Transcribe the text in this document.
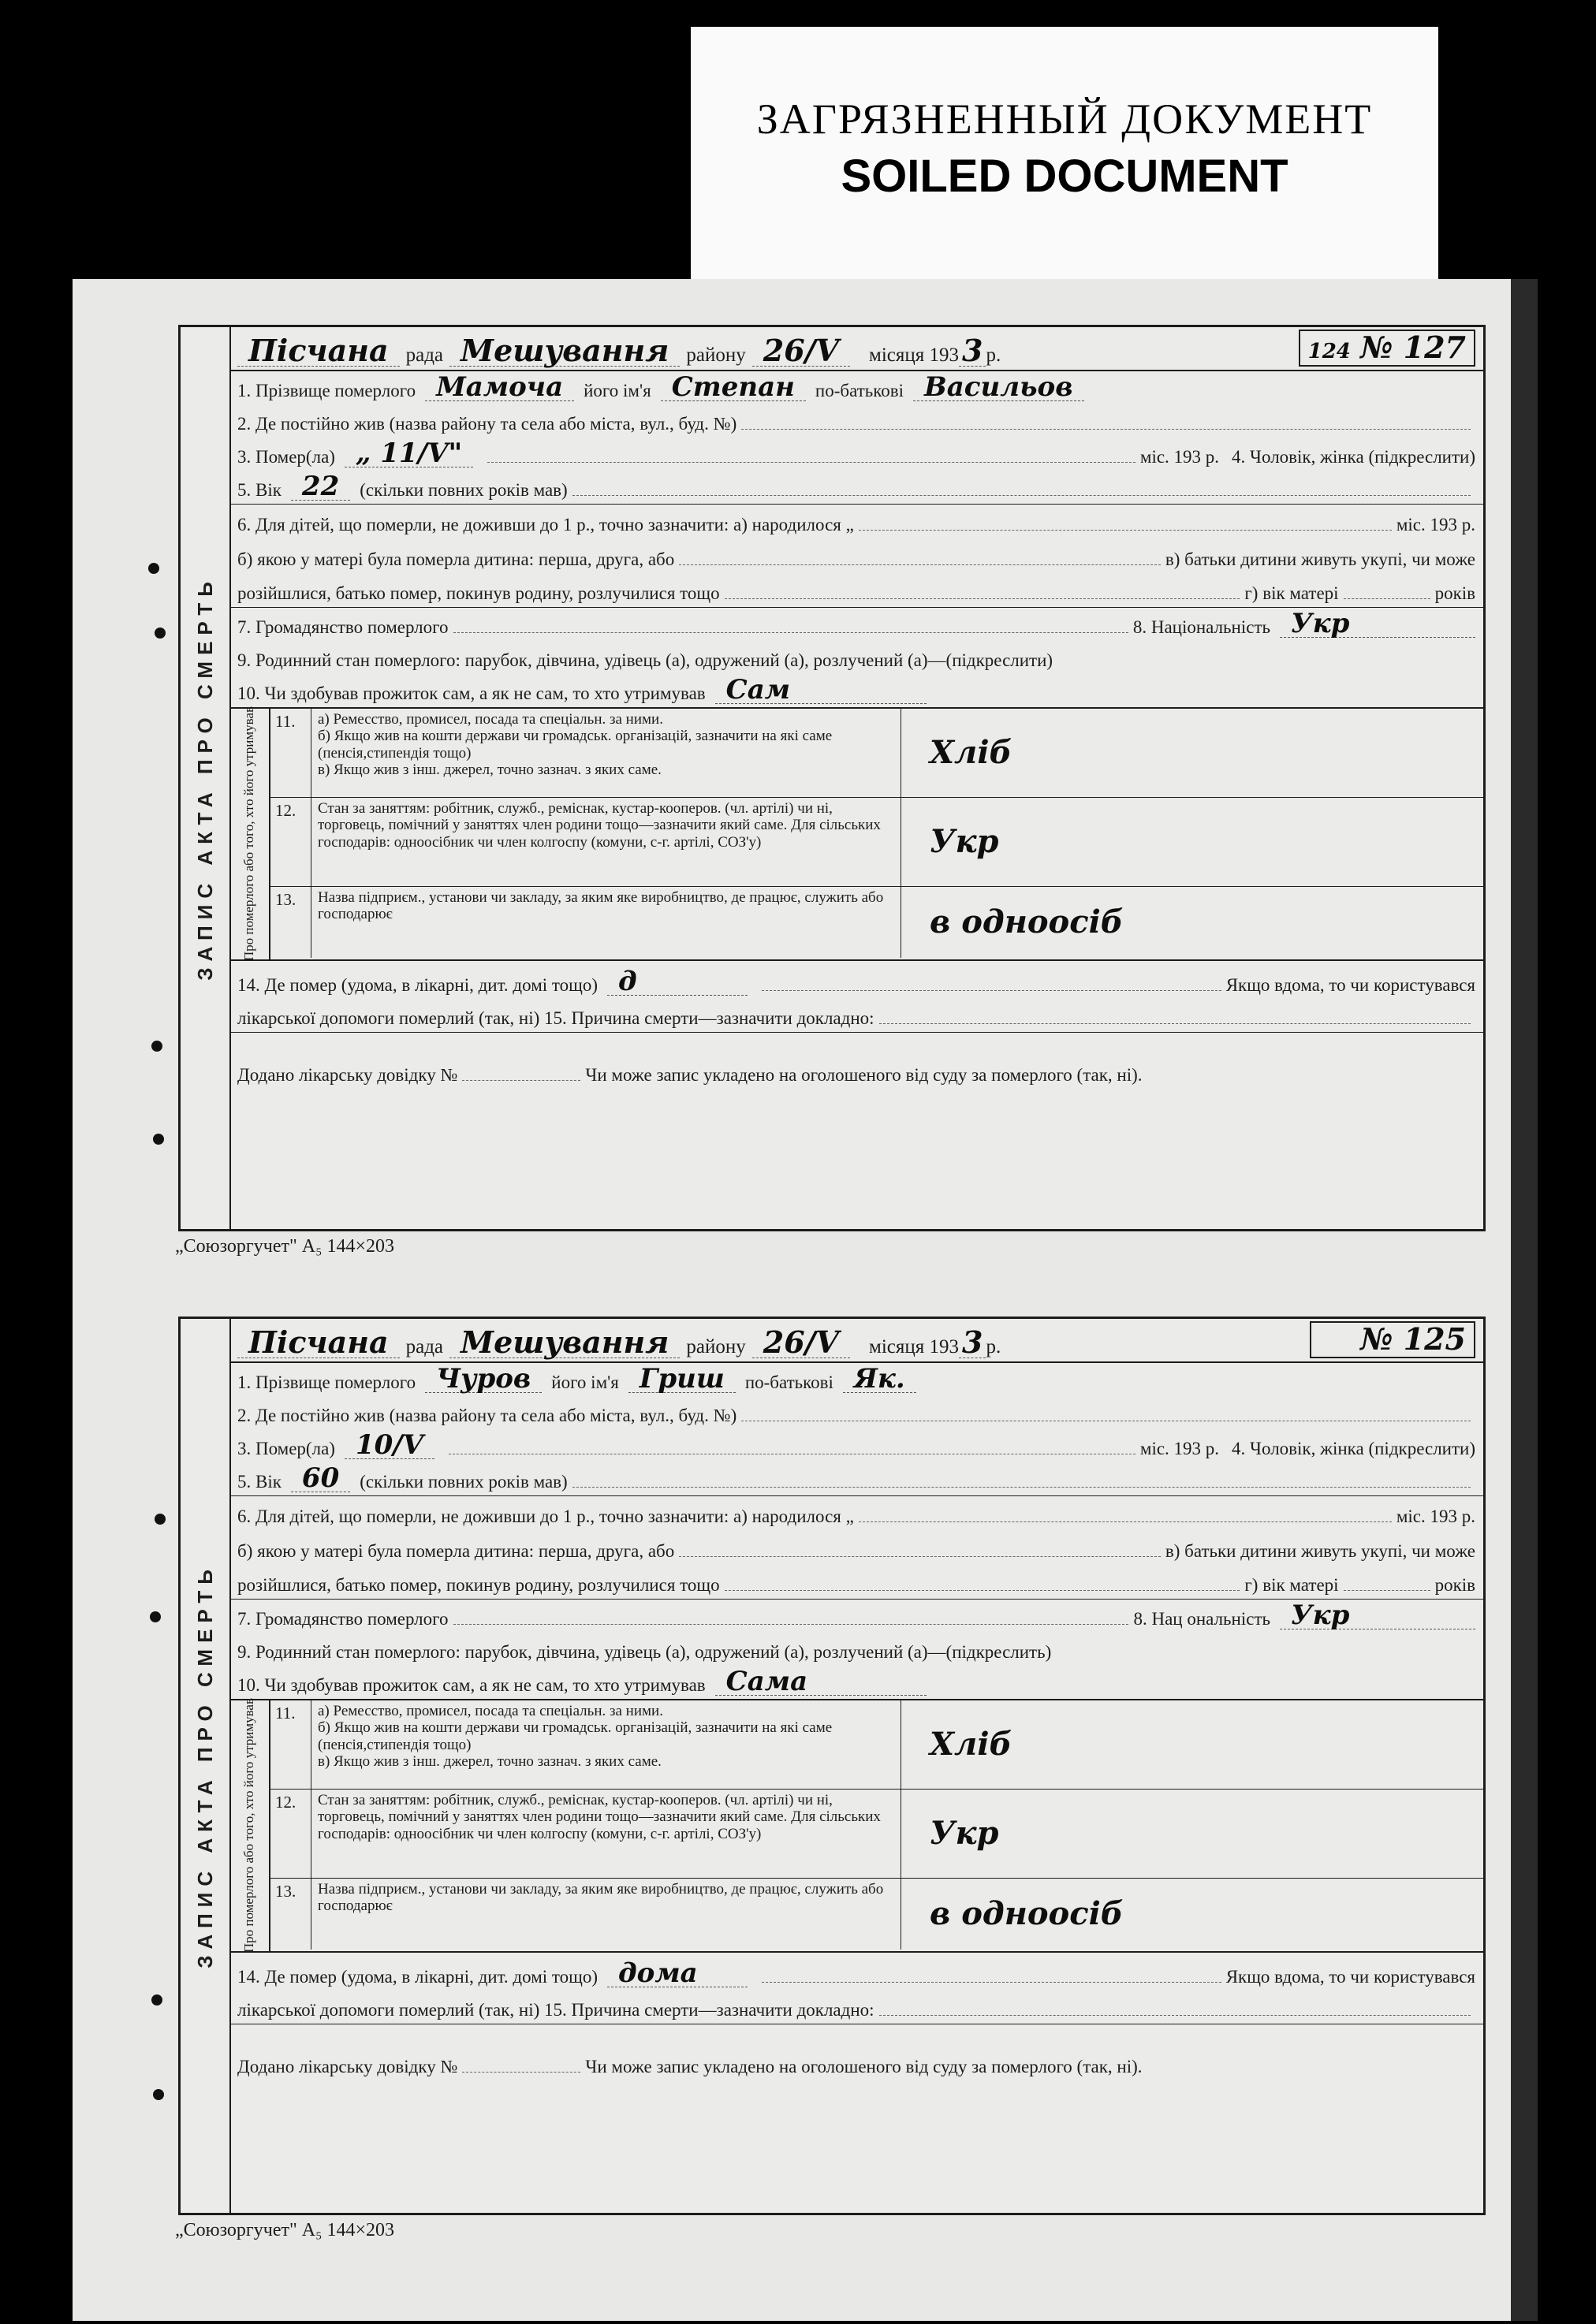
ЗАГРЯЗНЕННЫЙ ДОКУМЕНТ
SOILED DOCUMENT
ЗАПИС АКТА ПРО СМЕРТЬ
Пісчана рада Мешування району 26/V	місяця 193 3 р.	124 № 127
1. Прізвище померлого Мамоча	його ім'я Степан	по-батькові Васильов
2. Де постійно жив (назва району та села або міста, вул., буд. №)
3. Помер(ла) „ 11/V"	міс. 193 р. 4. Чоловік, жінка (підкреслити)
5. Вік 22	(скільки повних років мав)
6. Для дітей, що померли, не доживши до 1 р., точно зазначити: а) народилося „	міс. 193 р.
б) якою у матері була померла дитина: перша, друга, або	в) батьки дитини живуть укупі, чи може
розійшлися, батько помер, покинув родину, розлучилися тощо	г) вік матері	років
7. Громадянство померлого	8. Національність Укр
9. Родинний стан померлого: парубок, дівчина, удівець (а), одружений (а), розлучений (а)—(підкреслити)
10. Чи здобував прожиток сам, а як не сам, то хто утримував Сам
Про померлого або того, хто його утримував 11.	а) Ремесство, промисел, посада та спеціальн. за ними.
б) Якщо жив на кошти держави чи громадськ. організацій, зазначити на які саме (пенсія,стипендія тощо)
в) Якщо жив з інш. джерел, точно зазнач. з яких саме.	Хліб
12.	Стан за заняттям: робітник, служб., реміснак, кустар-кооперов. (чл. артілі) чи ні, торговець, помічний у заняттях член родини тощо—зазначити який саме. Для сільських господарів: одноосібник чи член колгоспу (комуни, с-г. артілі, СОЗ'у)	Укр
13.	Назва підприєм., установи чи закладу, за яким яке виробництво, де працює, служить або господарює	в одноосіб
14. Де помер (удома, в лікарні, дит. домі тощо) д	Якщо вдома, то чи користувався
лікарської допомоги померлий (так, ні) 15. Причина смерти—зазначити докладно:
Додано лікарську довідку №	Чи може запис укладено на оголошеного від суду за померлого (так, ні).
ЗАПИС АКТА ПРО СМЕРТЬ
Пісчана рада Мешування району 26/V	місяця 193 3 р.	№ 125
1. Прізвище померлого Чуров	його ім'я Гриш	по-батькові Як.
2. Де постійно жив (назва району та села або міста, вул., буд. №)
3. Помер(ла) 10/V	міс. 193 р. 4. Чоловік, жінка (підкреслити)
5. Вік 60	(скільки повних років мав)
6. Для дітей, що померли, не доживши до 1 р., точно зазначити: а) народилося „	міс. 193 р.
б) якою у матері була померла дитина: перша, друга, або	в) батьки дитини живуть укупі, чи може
розійшлися, батько помер, покинув родину, розлучилися тощо	г) вік матері	років
7. Громадянство померлого	8. Нац ональність Укр
9. Родинний стан померлого: парубок, дівчина, удівець (а), одружений (а), розлучений (а)—(підкреслить)
10. Чи здобував прожиток сам, а як не сам, то хто утримував Сама
Про померлого або того, хто його утримував 11.	а) Ремесство, промисел, посада та спеціальн. за ними.
б) Якщо жив на кошти держави чи громадськ. організацій, зазначити на які саме (пенсія,стипендія тощо)
в) Якщо жив з інш. джерел, точно зазнач. з яких саме.	Хліб
12.	Стан за заняттям: робітник, служб., реміснак, кустар-кооперов. (чл. артілі) чи ні, торговець, помічний у заняттях член родини тощо—зазначити який саме. Для сільських господарів: одноосібник чи член колгоспу (комуни, с-г. артілі, СОЗ'у)	Укр
13.	Назва підприєм., установи чи закладу, за яким яке виробництво, де працює, служить або господарює	в одноосіб
14. Де помер (удома, в лікарні, дит. домі тощо) дома	Якщо вдома, то чи користувався
лікарської допомоги померлий (так, ні) 15. Причина смерти—зазначити докладно:
Додано лікарську довідку №	Чи може запис укладено на оголошеного від суду за померлого (так, ні).
„Союзоргучет" А₅ 144×203
„Союзоргучет" А₅ 144×203
